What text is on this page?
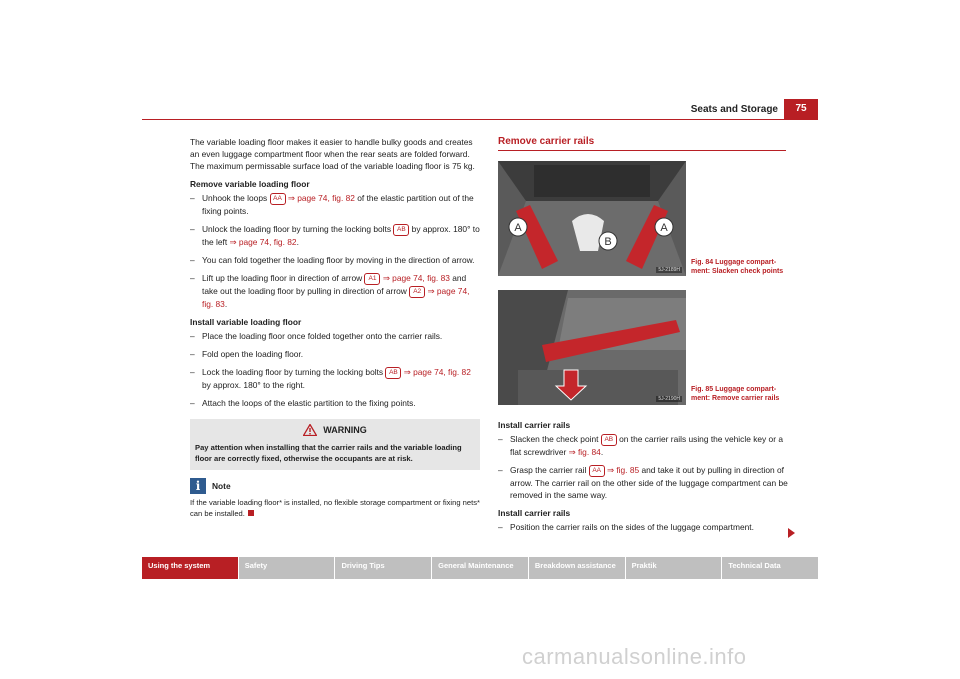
Seats and Storage	75

The variable loading floor makes it easier to handle bulky goods and creates an even luggage compartment floor when the rear seats are folded forward. The maximum permissable surface load of the variable loading floor is 75 kg.

Remove variable loading floor
– Unhook the loops AA ⇒ page 74, fig. 82 of the elastic partition out of the fixing points.
– Unlock the loading floor by turning the locking bolts AB by approx. 180° to the left ⇒ page 74, fig. 82.
– You can fold together the loading floor by moving in the direction of arrow.
– Lift up the loading floor in direction of arrow A1 ⇒ page 74, fig. 83 and take out the loading floor by pulling in direction of arrow A2 ⇒ page 74, fig. 83.
Install variable loading floor
– Place the loading floor once folded together onto the carrier rails.
– Fold open the loading floor.
– Lock the loading floor by turning the locking bolts AB ⇒ page 74, fig. 82 by approx. 180° to the right.
– Attach the loops of the elastic partition to the fixing points.
WARNING
Pay attention when installing that the carrier rails and the variable loading floor are correctly fixed, otherwise the occupants are at risk.
i	Note
If the variable loading floor* is installed, no flexible storage compartment or fixing nets* can be installed.
Remove carrier rails
A	A
B
5J-2189H
Fig. 84 Luggage compart-ment: Slacken check points
5J-2190H
Fig. 85 Luggage compart-ment: Remove carrier rails
Install carrier rails
– Slacken the check point AB on the carrier rails using the vehicle key or a flat screwdriver ⇒ fig. 84.
– Grasp the carrier rail AA ⇒ fig. 85 and take it out by pulling in direction of arrow. The carrier rail on the other side of the luggage compartment can be removed in the same way.
Install carrier rails
– Position the carrier rails on the sides of the luggage compartment.
Using the system	Safety	Driving Tips	General Maintenance	Breakdown assistance	Praktik	Technical Data
carmanualsonline.info
